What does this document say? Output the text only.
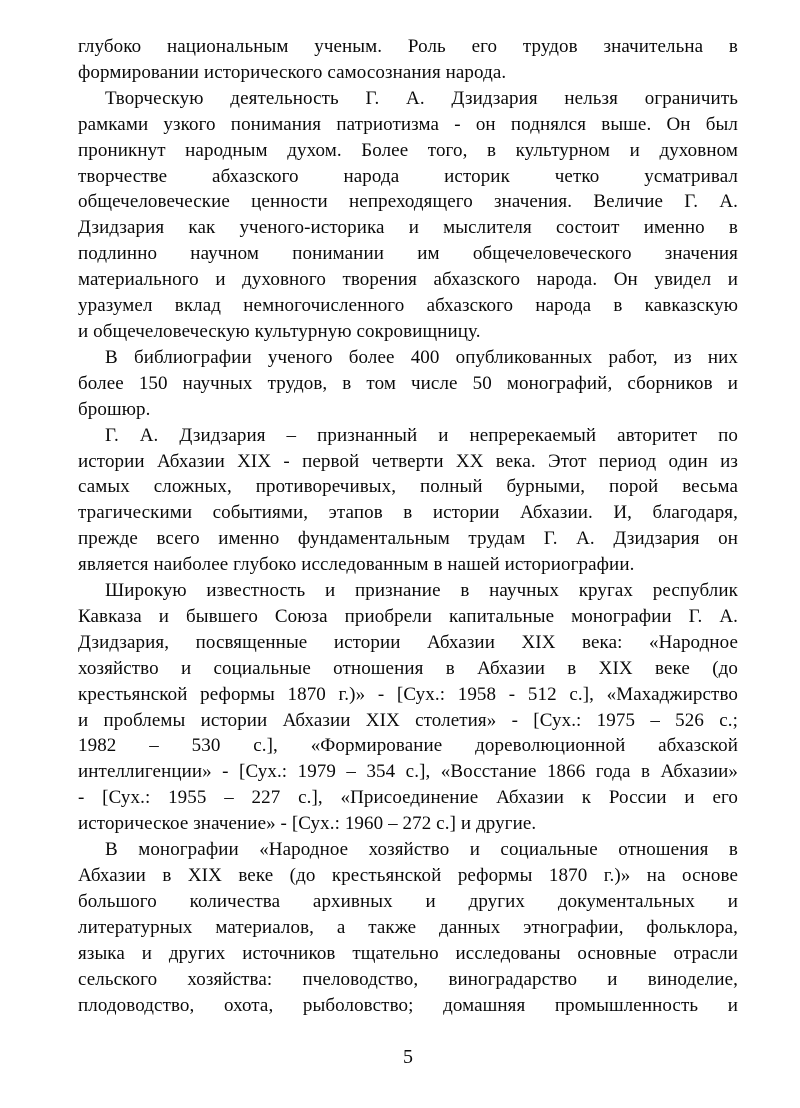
глубоко национальным ученым. Роль его трудов значительна в
формировании исторического самосознания народа.

Творческую деятельность Г. А. Дзидзария нельзя ограничить
рамками узкого понимания патриотизма - он поднялся выше. Он был
проникнут народным духом. Более того, в культурном и духовном
творчестве абхазского народа историк четко усматривал
общечеловеческие ценности непреходящего значения. Величие Г. А.
Дзидзария как ученого-историка и мыслителя состоит именно в
подлинно научном понимании им общечеловеческого значения
материального и духовного творения абхазского народа. Он увидел и
уразумел вклад немногочисленного абхазского народа в кавказскую
и общечеловеческую культурную сокровищницу.

В библиографии ученого более 400 опубликованных работ, из них
более 150 научных трудов, в том числе 50 монографий, сборников и
брошюр.

Г. А. Дзидзария – признанный и непререкаемый авторитет по
истории Абхазии XIX - первой четверти XX века. Этот период один из
самых сложных, противоречивых, полный бурными, порой весьма
трагическими событиями, этапов в истории Абхазии. И, благодаря,
прежде всего именно фундаментальным трудам Г. А. Дзидзария он
является наиболее глубоко исследованным в нашей историографии.

Широкую известность и признание в научных кругах республик
Кавказа и бывшего Союза приобрели капитальные монографии Г. А.
Дзидзария, посвященные истории Абхазии XIX века: «Народное
хозяйство и социальные отношения в Абхазии в XIX веке (до
крестьянской реформы 1870 г.)» - [Сух.: 1958 - 512 с.], «Махаджирство
и проблемы истории Абхазии XIX столетия» - [Сух.: 1975 – 526 с.;
1982 – 530 с.], «Формирование дореволюционной абхазской
интеллигенции» - [Сух.: 1979 – 354 с.], «Восстание 1866 года в Абхазии»
- [Сух.: 1955 – 227 с.], «Присоединение Абхазии к России и его
историческое значение» - [Сух.: 1960 – 272 с.] и другие.

В монографии «Народное хозяйство и социальные отношения в
Абхазии в XIX веке (до крестьянской реформы 1870 г.)» на основе
большого количества архивных и других документальных и
литературных материалов, а также данных этнографии, фольклора,
языка и других источников тщательно исследованы основные отрасли
сельского хозяйства: пчеловодство, виноградарство и виноделие,
плодоводство, охота, рыболовство; домашняя промышленность и

5
